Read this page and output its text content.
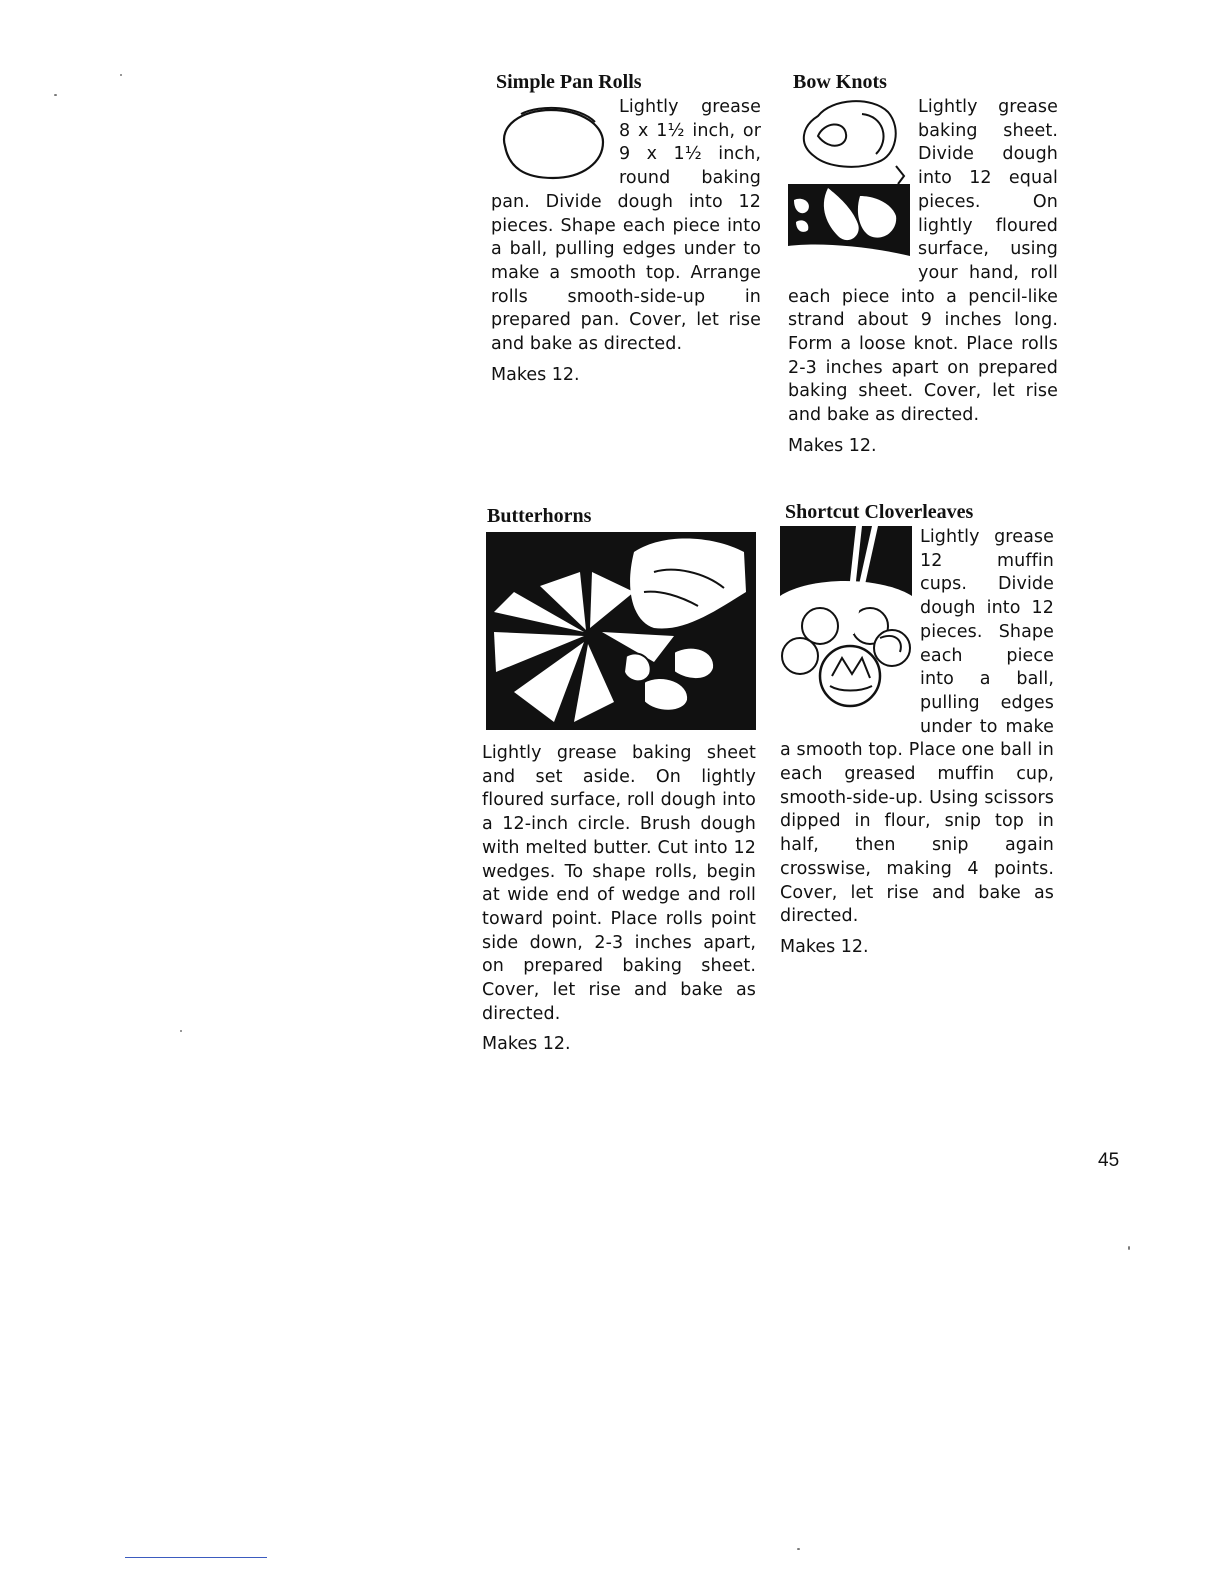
Simple Pan Rolls

Lightly grease 8 x 1½ inch, or 9 x 1½ inch, round baking pan. Divide dough into 12 pieces. Shape each piece into a ball, pulling edges under to make a smooth top. Arrange rolls smooth-side-up in prepared pan. Cover, let rise and bake as directed.

Makes 12.
Bow Knots

Lightly grease baking sheet. Divide dough into 12 equal pieces. On lightly floured surface, using your hand, roll each piece into a pencil-like strand about 9 inches long. Form a loose knot. Place rolls 2-3 inches apart on prepared baking sheet. Cover, let rise and bake as directed.

Makes 12.
Butterhorns

Lightly grease baking sheet and set aside. On lightly floured surface, roll dough into a 12-inch circle. Brush dough with melted butter. Cut into 12 wedges. To shape rolls, begin at wide end of wedge and roll toward point. Place rolls point side down, 2-3 inches apart, on prepared baking sheet. Cover, let rise and bake as directed.

Makes 12.
Shortcut Cloverleaves

Lightly grease 12 muffin cups. Divide dough into 12 pieces. Shape each piece into a ball, pulling edges under to make a smooth top. Place one ball in each greased muffin cup, smooth-side-up. Using scissors dipped in flour, snip top in half, then snip again crosswise, making 4 points. Cover, let rise and bake as directed.

Makes 12.
45
